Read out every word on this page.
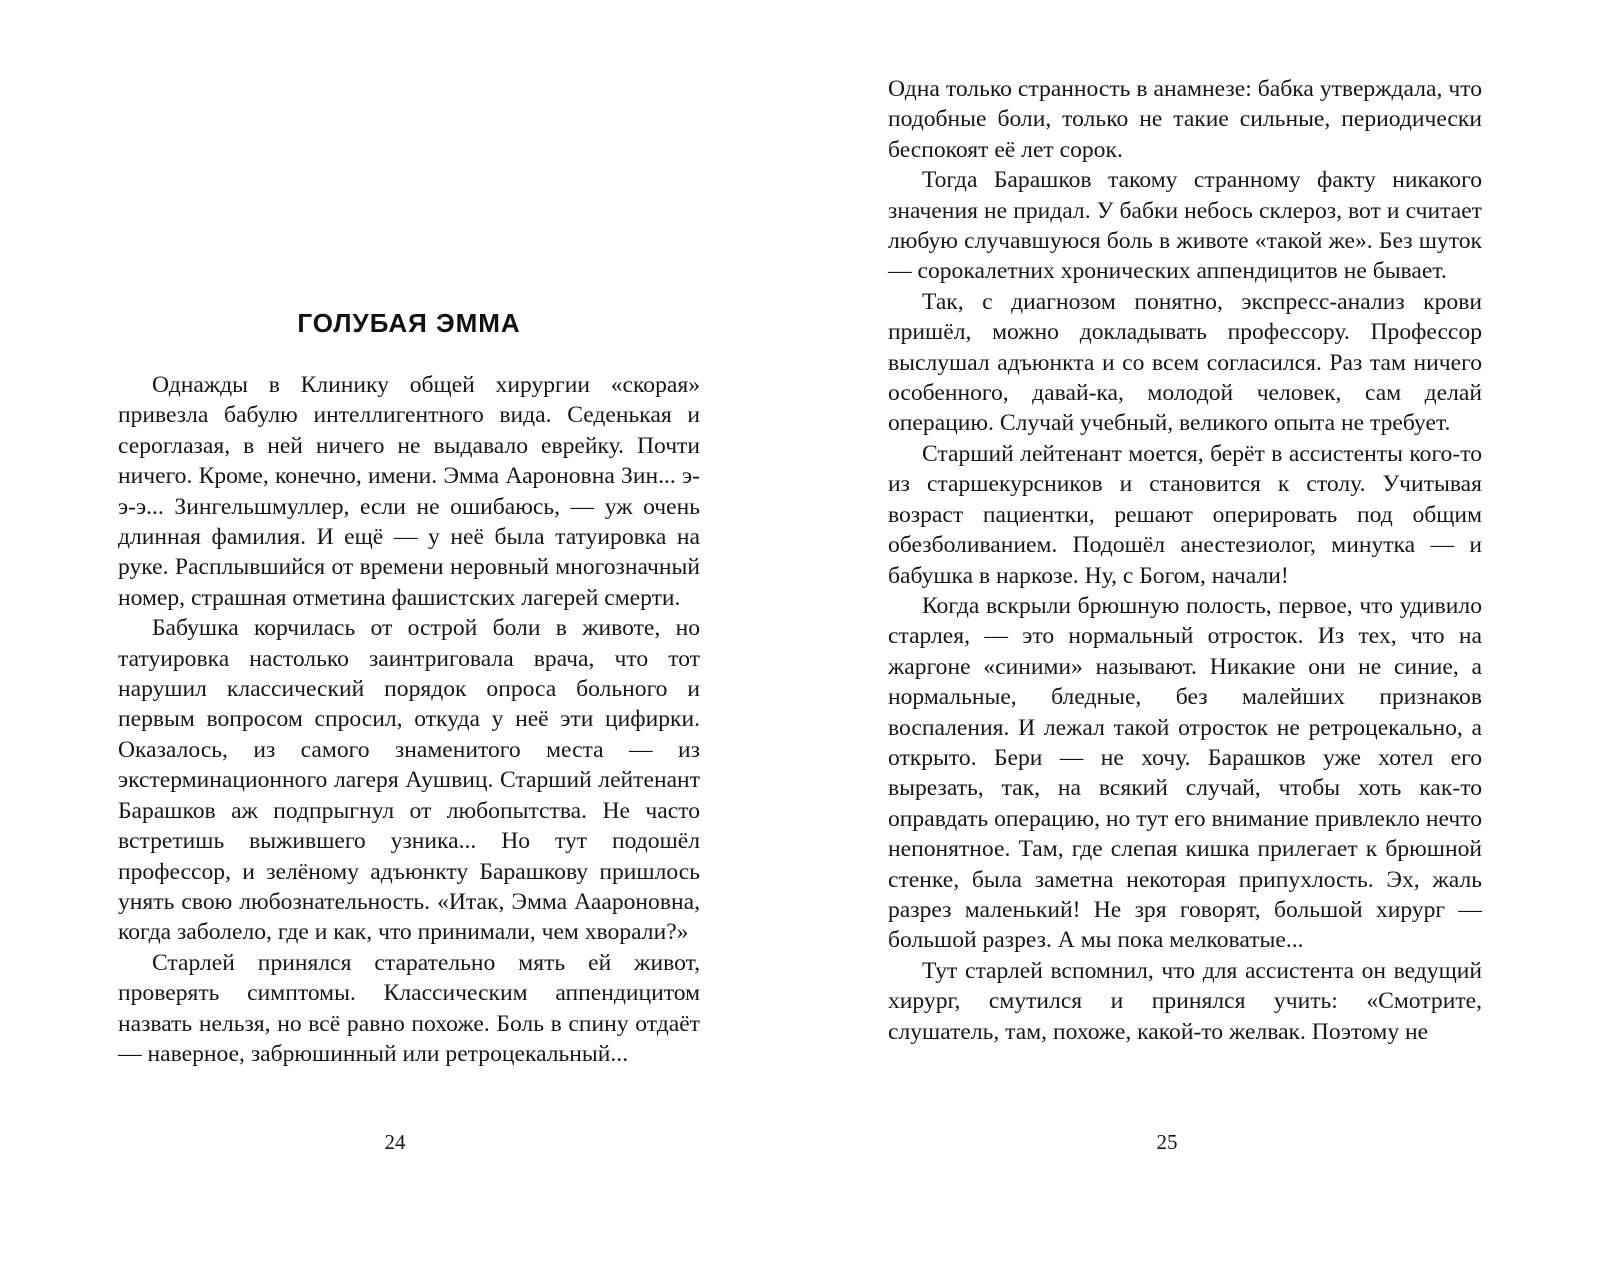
ГОЛУБАЯ ЭММА

Однажды в Клинику общей хирургии «скорая» привезла бабулю интеллигентного вида. Седенькая и сероглазая, в ней ничего не выдавало еврейку. Почти ничего. Кроме, конечно, имени. Эмма Аароновна Зин... э-э-э... Зингельшмуллер, если не ошибаюсь, — уж очень длинная фамилия. И ещё — у неё была татуировка на руке. Расплывшийся от времени неровный многозначный номер, страшная отметина фашистских лагерей смерти.

Бабушка корчилась от острой боли в животе, но татуировка настолько заинтриговала врача, что тот нарушил классический порядок опроса больного и первым вопросом спросил, откуда у неё эти цифирки. Оказалось, из самого знаменитого места — из экстерминационного лагеря Аушвиц. Старший лейтенант Барашков аж подпрыгнул от любопытства. Не часто встретишь выжившего узника... Но тут подошёл профессор, и зелёному адъюнкту Барашкову пришлось унять свою любознательность. «Итак, Эмма Ааароновна, когда заболело, где и как, что принимали, чем хворали?»

Старлей принялся старательно мять ей живот, проверять симптомы. Классическим аппендицитом назвать нельзя, но всё равно похоже. Боль в спину отдаёт — наверное, забрюшинный или ретроцекальный...

24

Одна только странность в анамнезе: бабка утверждала, что подобные боли, только не такие сильные, периодически беспокоят её лет сорок.

Тогда Барашков такому странному факту никакого значения не придал. У бабки небось склероз, вот и считает любую случавшуюся боль в животе «такой же». Без шуток — сорокалетних хронических аппендицитов не бывает.

Так, с диагнозом понятно, экспресс-анализ крови пришёл, можно докладывать профессору. Профессор выслушал адъюнкта и со всем согласился. Раз там ничего особенного, давай-ка, молодой человек, сам делай операцию. Случай учебный, великого опыта не требует.

Старший лейтенант моется, берёт в ассистенты кого-то из старшекурсников и становится к столу. Учитывая возраст пациентки, решают оперировать под общим обезболиванием. Подошёл анестезиолог, минутка — и бабушка в наркозе. Ну, с Богом, начали!

Когда вскрыли брюшную полость, первое, что удивило старлея, — это нормальный отросток. Из тех, что на жаргоне «синими» называют. Никакие они не синие, а нормальные, бледные, без малейших признаков воспаления. И лежал такой отросток не ретроцекально, а открыто. Бери — не хочу. Барашков уже хотел его вырезать, так, на всякий случай, чтобы хоть как-то оправдать операцию, но тут его внимание привлекло нечто непонятное. Там, где слепая кишка прилегает к брюшной стенке, была заметна некоторая припухлость. Эх, жаль разрез маленький! Не зря говорят, большой хирург — большой разрез. А мы пока мелковатые...

Тут старлей вспомнил, что для ассистента он ведущий хирург, смутился и принялся учить: «Смотрите, слушатель, там, похоже, какой-то желвак. Поэтому не

25
